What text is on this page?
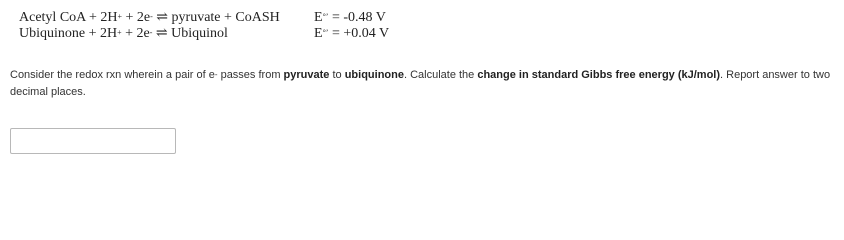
Acetyl CoA + 2H+ + 2e- ⇌ pyruvate + CoASH	E°’ = -0.48 V
Ubiquinone + 2H+ + 2e- ⇌ Ubiquinol	E°’ = +0.04 V
Consider the redox rxn wherein a pair of e- passes from pyruvate to ubiquinone. Calculate the change in standard Gibbs free energy (kJ/mol). Report answer to two decimal places.
